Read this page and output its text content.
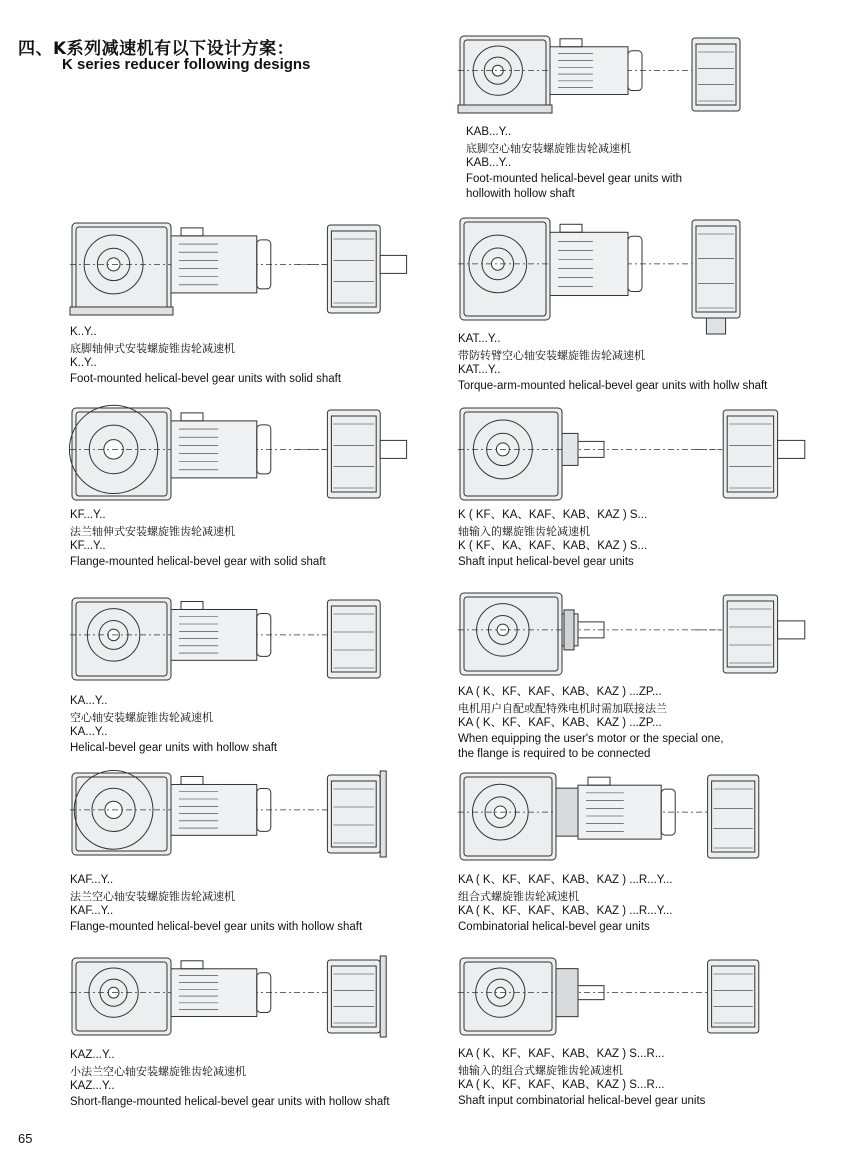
四、K系列减速机有以下设计方案：
K series reducer following designs
K..Y..
底脚轴伸式安装螺旋锥齿轮减速机
K..Y..
Foot-mounted helical-bevel gear units with solid shaft
KF...Y..
法兰轴伸式安装螺旋锥齿轮减速机
KF...Y..
Flange-mounted helical-bevel gear with solid shaft
KA...Y..
空心轴安装螺旋锥齿轮减速机
KA...Y..
Helical-bevel gear units with hollow shaft
KAF...Y..
法兰空心轴安装螺旋锥齿轮减速机
KAF...Y..
Flange-mounted helical-bevel gear units with hollow shaft
KAZ...Y..
小法兰空心轴安装螺旋锥齿轮减速机
KAZ...Y..
Short-flange-mounted helical-bevel gear units with hollow shaft
KAB...Y..
底脚空心轴安装螺旋锥齿轮减速机
KAB...Y..
Foot-mounted helical-bevel gear units with
hollowith hollow shaft
KAT...Y..
带防转臂空心轴安装螺旋锥齿轮减速机
KAT...Y..
Torque-arm-mounted helical-bevel gear units with hollw shaft
K ( KF、KA、KAF、KAB、KAZ ) S...
轴输入的螺旋锥齿轮减速机
K ( KF、KA、KAF、KAB、KAZ ) S...
Shaft input helical-bevel gear units
KA ( K、KF、KAF、KAB、KAZ ) ...ZP...
电机用户自配或配特殊电机时需加联接法兰
KA ( K、KF、KAF、KAB、KAZ ) ...ZP...
When equipping the user's motor or the special one,
the flange is required to be connected
KA ( K、KF、KAF、KAB、KAZ ) ...R...Y...
组合式螺旋锥齿轮减速机
KA ( K、KF、KAF、KAB、KAZ ) ...R...Y...
Combinatorial helical-bevel gear units
KA ( K、KF、KAF、KAB、KAZ ) S...R...
轴输入的组合式螺旋锥齿轮减速机
KA ( K、KF、KAF、KAB、KAZ ) S...R...
Shaft input combinatorial helical-bevel gear units
65
